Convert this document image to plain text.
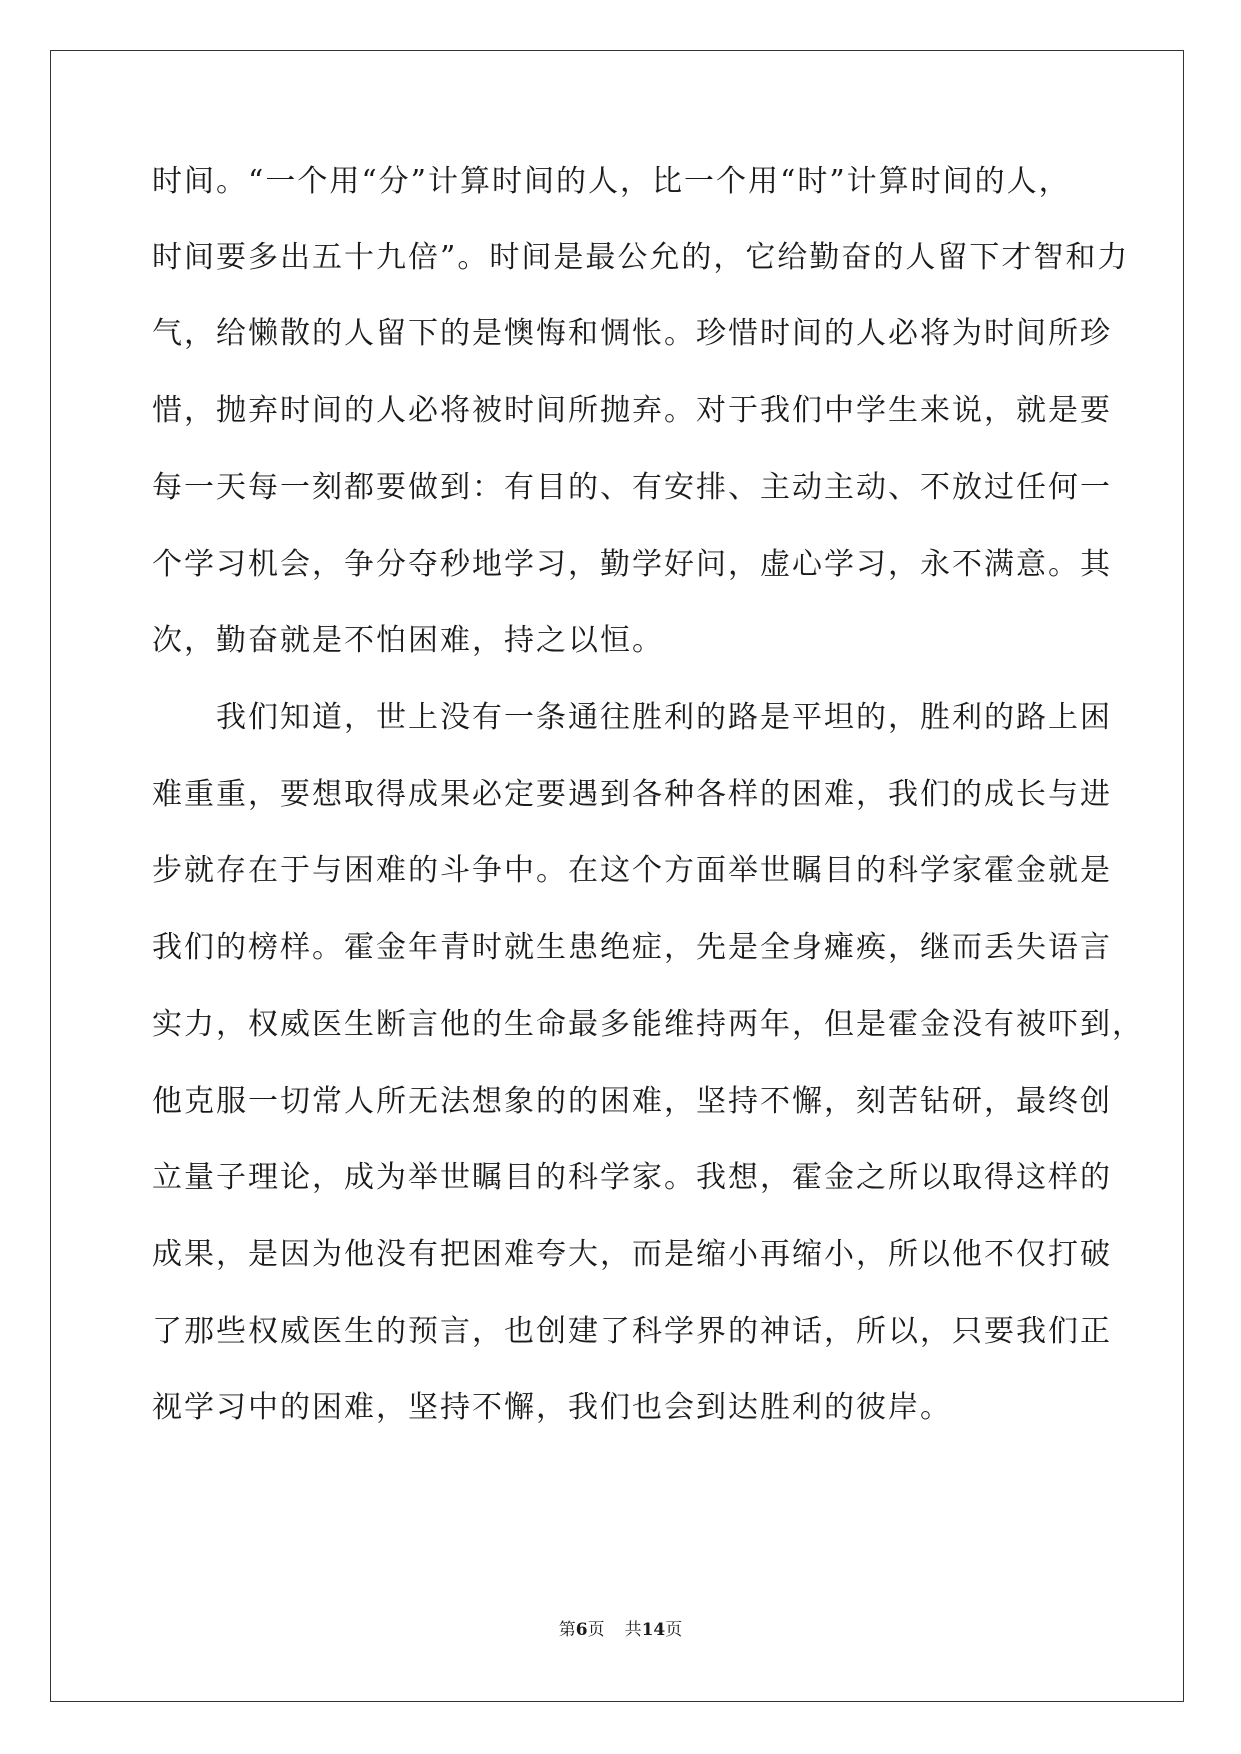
时间。“一个用“分”计算时间的人，比一个用“时”计算时间的人，
时间要多出五十九倍”。时间是最公允的，它给勤奋的人留下才智和力
气，给懒散的人留下的是懊悔和惆怅。珍惜时间的人必将为时间所珍
惜，抛弃时间的人必将被时间所抛弃。对于我们中学生来说，就是要
每一天每一刻都要做到：有目的、有安排、主动主动、不放过任何一
个学习机会，争分夺秒地学习，勤学好问，虚心学习，永不满意。其
次，勤奋就是不怕困难，持之以恒。
　　我们知道，世上没有一条通往胜利的路是平坦的，胜利的路上困
难重重，要想取得成果必定要遇到各种各样的困难，我们的成长与进
步就存在于与困难的斗争中。在这个方面举世瞩目的科学家霍金就是
我们的榜样。霍金年青时就生患绝症，先是全身瘫痪，继而丢失语言
实力，权威医生断言他的生命最多能维持两年，但是霍金没有被吓到，
他克服一切常人所无法想象的的困难，坚持不懈，刻苦钻研，最终创
立量子理论，成为举世瞩目的科学家。我想，霍金之所以取得这样的
成果，是因为他没有把困难夸大，而是缩小再缩小，所以他不仅打破
了那些权威医生的预言，也创建了科学界的神话，所以，只要我们正
视学习中的困难，坚持不懈，我们也会到达胜利的彼岸。
第6页 共14页
